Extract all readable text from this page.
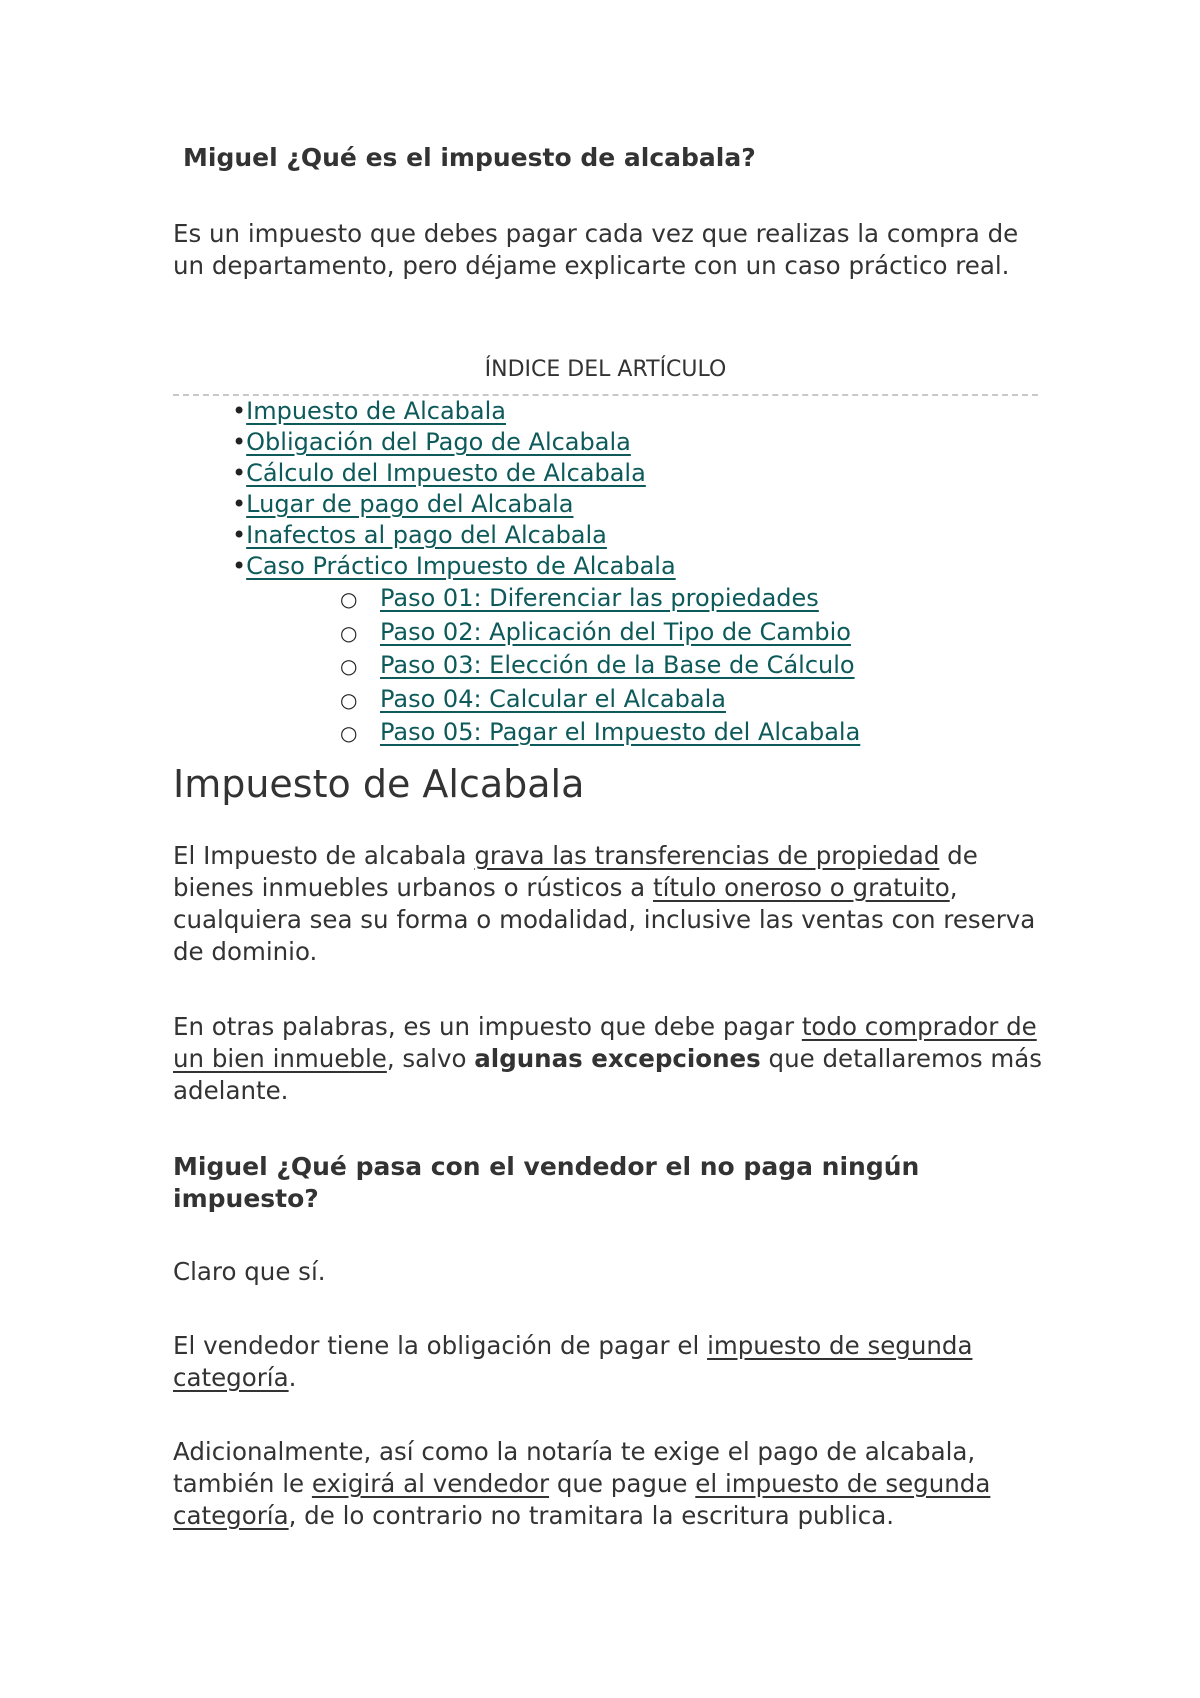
Miguel ¿Qué es el impuesto de alcabala?

Es un impuesto que debes pagar cada vez que realizas la compra de un departamento, pero déjame explicarte con un caso práctico real.

ÍNDICE DEL ARTÍCULO

•Impuesto de Alcabala
•Obligación del Pago de Alcabala
•Cálculo del Impuesto de Alcabala
•Lugar de pago del Alcabala
•Inafectos al pago del Alcabala
•Caso Práctico Impuesto de Alcabala
○ Paso 01: Diferenciar las propiedades
○ Paso 02: Aplicación del Tipo de Cambio
○ Paso 03: Elección de la Base de Cálculo
○ Paso 04: Calcular el Alcabala
○ Paso 05: Pagar el Impuesto del Alcabala
Impuesto de Alcabala

El Impuesto de alcabala grava las transferencias de propiedad de bienes inmuebles urbanos o rústicos a título oneroso o gratuito, cualquiera sea su forma o modalidad, inclusive las ventas con reserva de dominio.

En otras palabras, es un impuesto que debe pagar todo comprador de un bien inmueble, salvo algunas excepciones que detallaremos más adelante.

Miguel ¿Qué pasa con el vendedor el no paga ningún impuesto?

Claro que sí.

El vendedor tiene la obligación de pagar el impuesto de segunda categoría.

Adicionalmente, así como la notaría te exige el pago de alcabala, también le exigirá al vendedor que pague el impuesto de segunda categoría, de lo contrario no tramitara la escritura publica.
